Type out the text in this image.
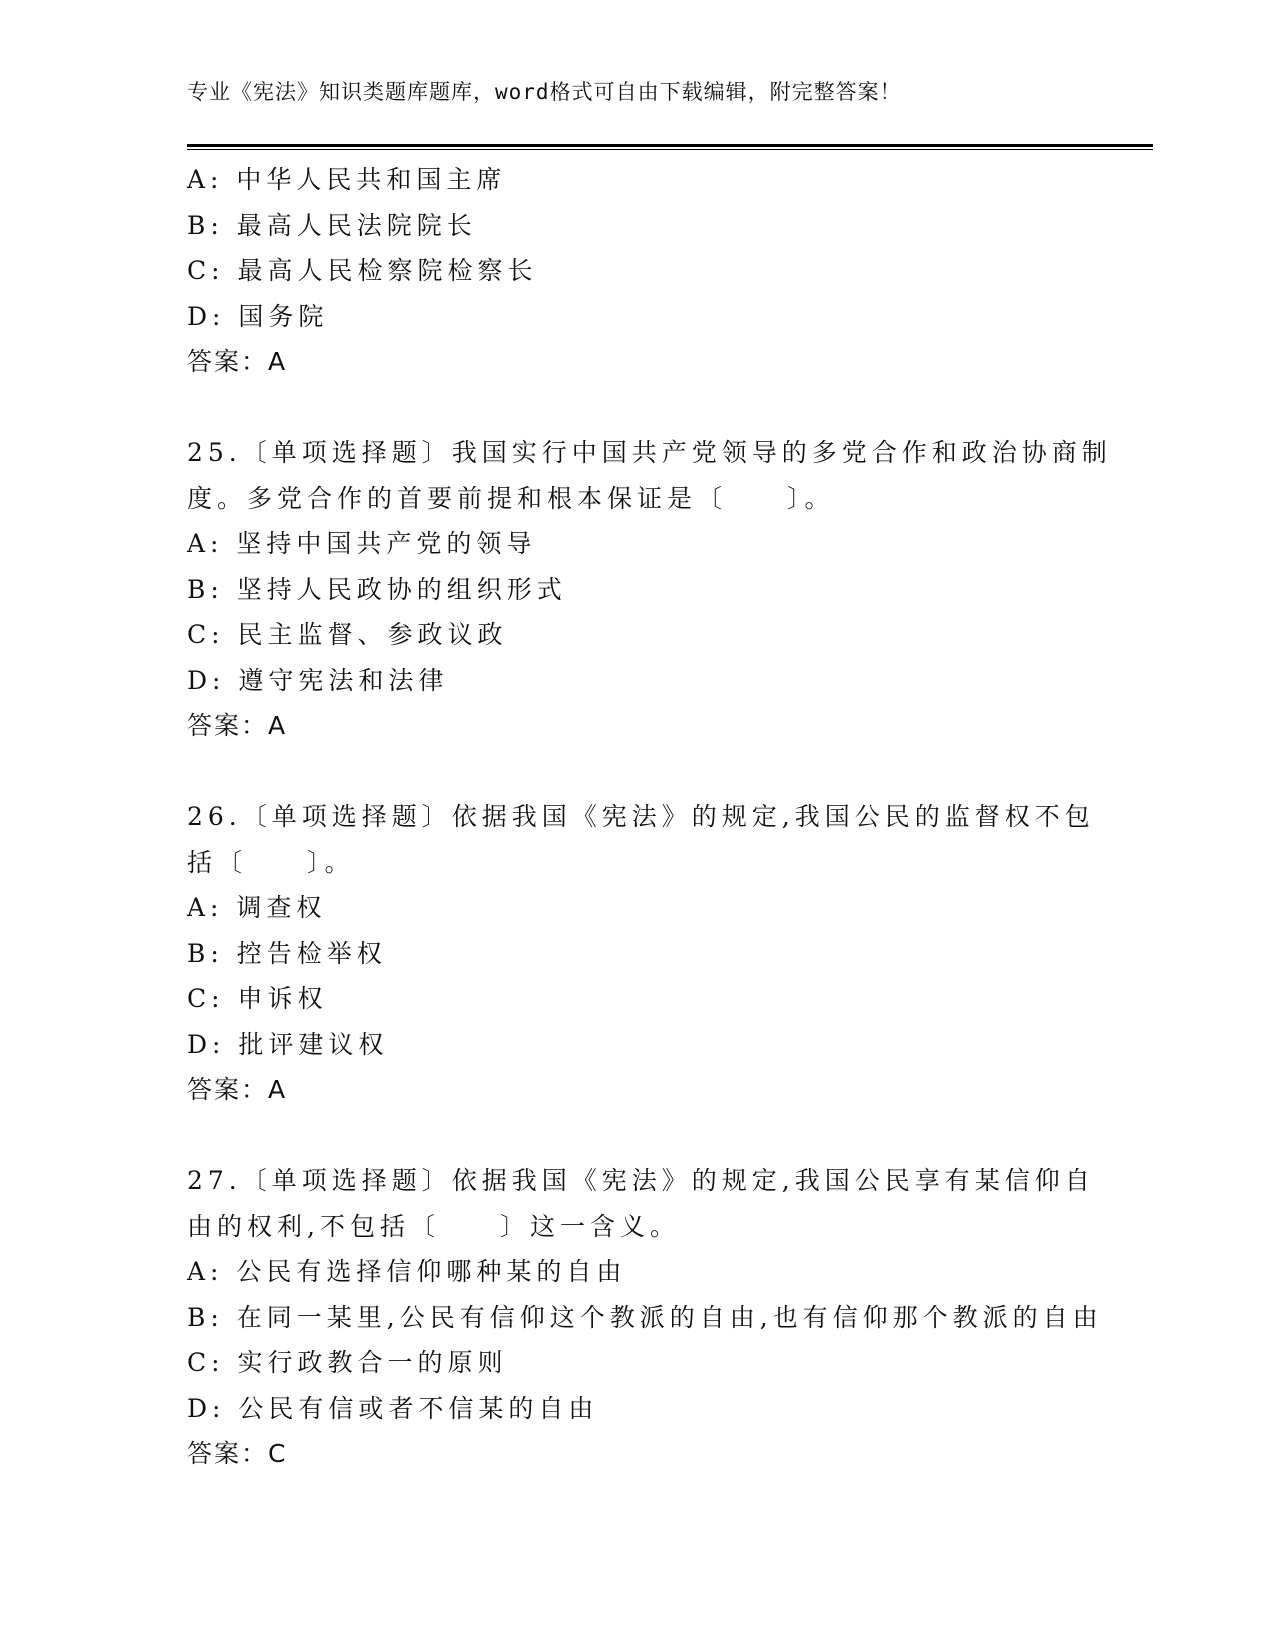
专业《宪法》知识类题库题库，word格式可自由下载编辑，附完整答案！
A: 中华人民共和国主席
B: 最高人民法院院长
C: 最高人民检察院检察长
D: 国务院
答案：A
25.〔单项选择题〕我国实行中国共产党领导的多党合作和政治协商制
度。多党合作的首要前提和根本保证是〔　　〕。
A: 坚持中国共产党的领导
B: 坚持人民政协的组织形式
C: 民主监督、参政议政
D: 遵守宪法和法律
答案：A
26.〔单项选择题〕依据我国《宪法》的规定,我国公民的监督权不包
括〔　　〕。
A: 调查权
B: 控告检举权
C: 申诉权
D: 批评建议权
答案：A
27.〔单项选择题〕依据我国《宪法》的规定,我国公民享有某信仰自
由的权利,不包括〔　　〕这一含义。
A: 公民有选择信仰哪种某的自由
B: 在同一某里,公民有信仰这个教派的自由,也有信仰那个教派的自由
C: 实行政教合一的原则
D: 公民有信或者不信某的自由
答案：C
